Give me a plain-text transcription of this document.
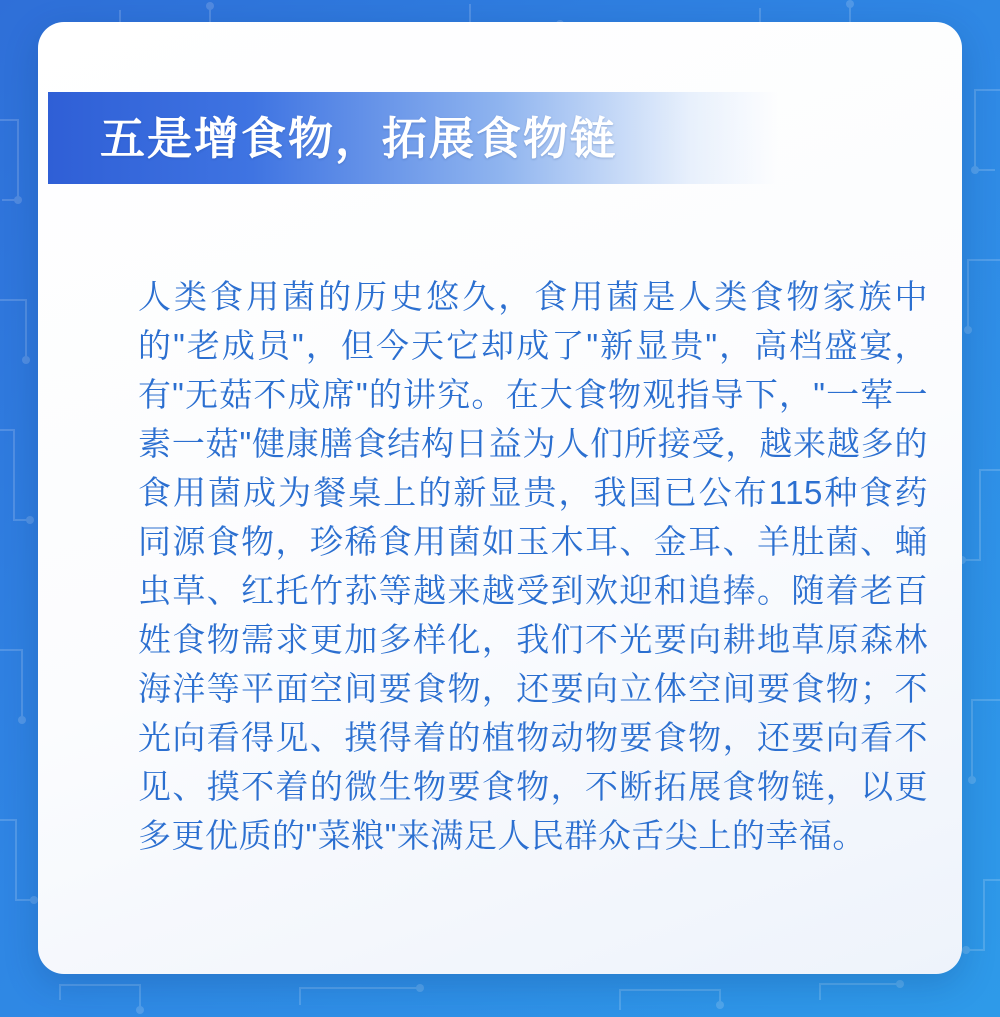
五是增食物，拓展食物链
人类食用菌的历史悠久，食用菌是人类食物家族中的"老成员"，但今天它却成了"新显贵"，高档盛宴，有"无菇不成席"的讲究。在大食物观指导下，"一荤一素一菇"健康膳食结构日益为人们所接受，越来越多的食用菌成为餐桌上的新显贵，我国已公布115种食药同源食物，珍稀食用菌如玉木耳、金耳、羊肚菌、蛹虫草、红托竹荪等越来越受到欢迎和追捧。随着老百姓食物需求更加多样化，我们不光要向耕地草原森林海洋等平面空间要食物，还要向立体空间要食物；不光向看得见、摸得着的植物动物要食物，还要向看不见、摸不着的微生物要食物，不断拓展食物链，以更多更优质的"菜粮"来满足人民群众舌尖上的幸福。
